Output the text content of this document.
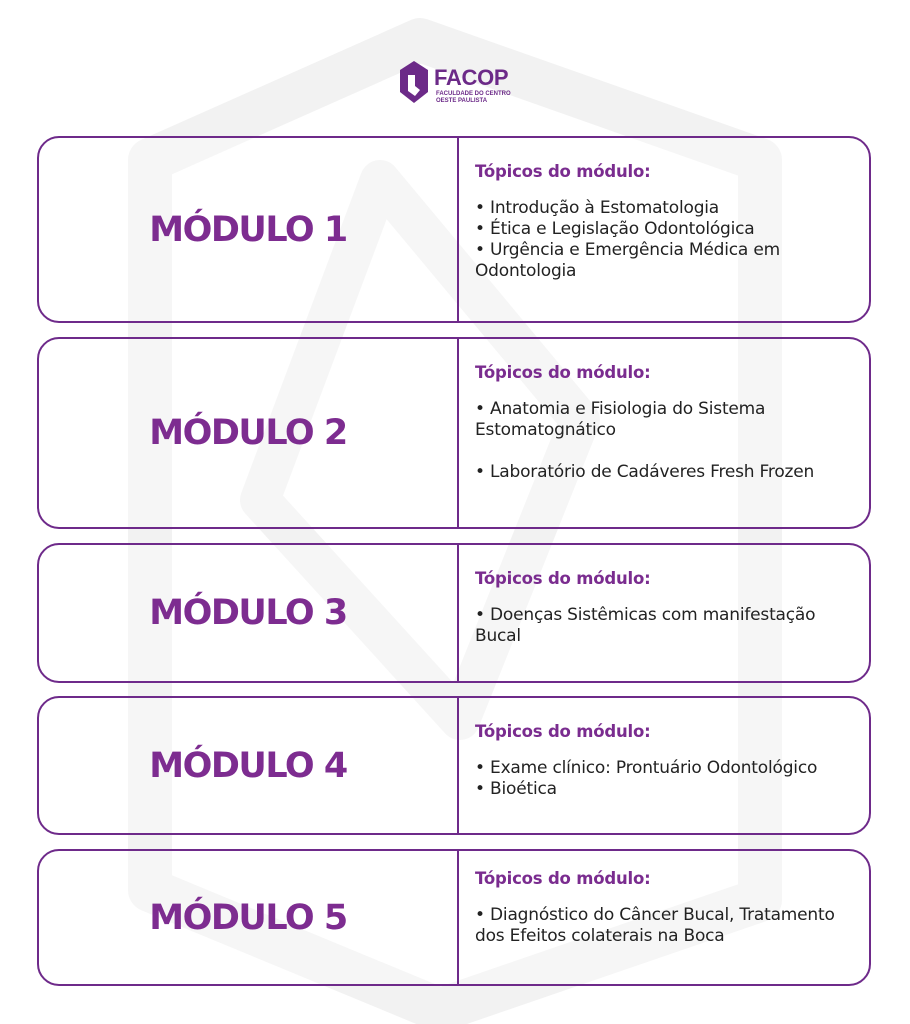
FACOP
FACULDADE DO CENTRO OESTE PAULISTA
MÓDULO 1
Tópicos do módulo:
• Introdução à Estomatologia
• Ética e Legislação Odontológica
• Urgência e Emergência Médica em Odontologia
MÓDULO 2
Tópicos do módulo:
• Anatomia e Fisiologia do Sistema Estomatognático
• Laboratório de Cadáveres Fresh Frozen
MÓDULO 3
Tópicos do módulo:
• Doenças Sistêmicas com manifestação Bucal
MÓDULO 4
Tópicos do módulo:
• Exame clínico: Prontuário Odontológico
• Bioética
MÓDULO 5
Tópicos do módulo:
• Diagnóstico do Câncer Bucal, Tratamento dos Efeitos colaterais na Boca
